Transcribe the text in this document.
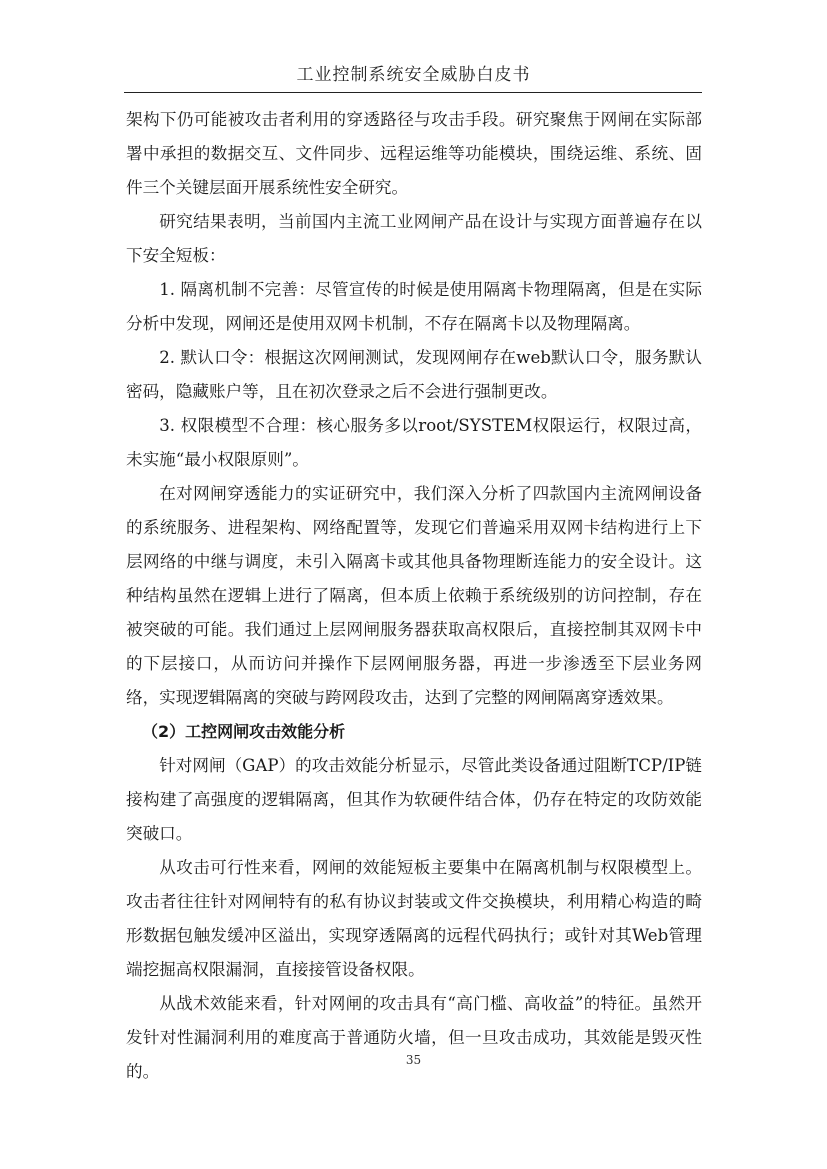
工业控制系统安全威胁白皮书

架构下仍可能被攻击者利用的穿透路径与攻击手段。研究聚焦于网闸在实际部署中承担的数据交互、文件同步、远程运维等功能模块，围绕运维、系统、固件三个关键层面开展系统性安全研究。

研究结果表明，当前国内主流工业网闸产品在设计与实现方面普遍存在以下安全短板：

1. 隔离机制不完善：尽管宣传的时候是使用隔离卡物理隔离，但是在实际分析中发现，网闸还是使用双网卡机制，不存在隔离卡以及物理隔离。

2. 默认口令：根据这次网闸测试，发现网闸存在web默认口令，服务默认密码，隐藏账户等，且在初次登录之后不会进行强制更改。

3. 权限模型不合理：核心服务多以root/SYSTEM权限运行，权限过高，未实施“最小权限原则”。

在对网闸穿透能力的实证研究中，我们深入分析了四款国内主流网闸设备的系统服务、进程架构、网络配置等，发现它们普遍采用双网卡结构进行上下层网络的中继与调度，未引入隔离卡或其他具备物理断连能力的安全设计。这种结构虽然在逻辑上进行了隔离，但本质上依赖于系统级别的访问控制，存在被突破的可能。我们通过上层网闸服务器获取高权限后，直接控制其双网卡中的下层接口，从而访问并操作下层网闸服务器，再进一步渗透至下层业务网络，实现逻辑隔离的突破与跨网段攻击，达到了完整的网闸隔离穿透效果。

（2）工控网闸攻击效能分析

针对网闸（GAP）的攻击效能分析显示，尽管此类设备通过阻断TCP/IP链接构建了高强度的逻辑隔离，但其作为软硬件结合体，仍存在特定的攻防效能突破口。

从攻击可行性来看，网闸的效能短板主要集中在隔离机制与权限模型上。攻击者往往针对网闸特有的私有协议封装或文件交换模块，利用精心构造的畸形数据包触发缓冲区溢出，实现穿透隔离的远程代码执行；或针对其Web管理端挖掘高权限漏洞，直接接管设备权限。

从战术效能来看，针对网闸的攻击具有“高门槛、高收益”的特征。虽然开发针对性漏洞利用的难度高于普通防火墙，但一旦攻击成功，其效能是毁灭性的。

35
